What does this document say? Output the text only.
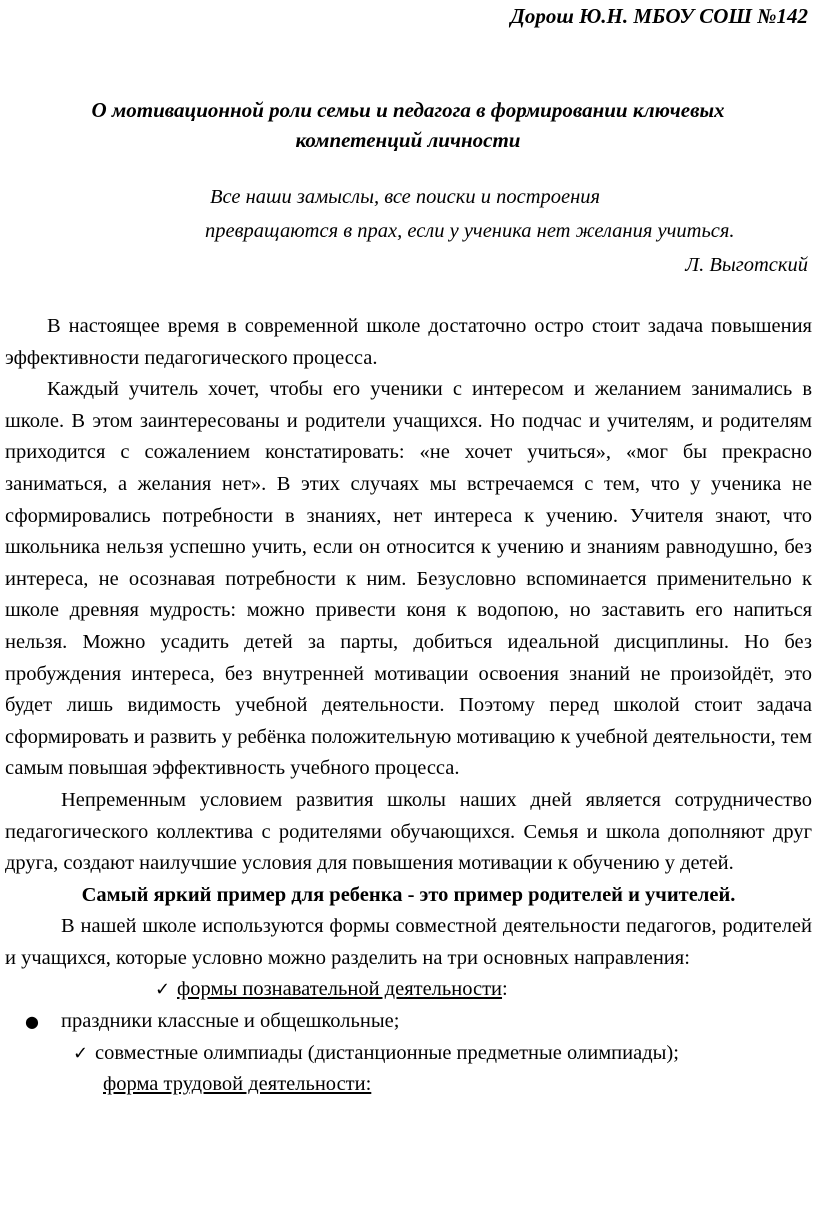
Дорош Ю.Н. МБОУ СОШ №142
О мотивационной роли семьи и педагога в формировании ключевых
компетенций личности
Все наши замыслы, все поиски и построения
превращаются в прах, если у ученика нет желания учиться.
Л. Выготский

В настоящее время в современной школе достаточно остро стоит задача повышения эффективности педагогического процесса.

Каждый учитель хочет, чтобы его ученики с интересом и желанием занимались в школе. В этом заинтересованы и родители учащихся. Но подчас и учителям, и родителям приходится с сожалением констатировать: «не хочет учиться», «мог бы прекрасно заниматься, а желания нет». В этих случаях мы встречаемся с тем, что у ученика не сформировались потребности в знаниях, нет интереса к учению. Учителя знают, что школьника нельзя успешно учить, если он относится к учению и знаниям равнодушно, без интереса, не осознавая потребности к ним. Безусловно вспоминается применительно к школе древняя мудрость: можно привести коня к водопою, но заставить его напиться нельзя. Можно усадить детей за парты, добиться идеальной дисциплины. Но без пробуждения интереса, без внутренней мотивации освоения знаний не произойдёт, это будет лишь видимость учебной деятельности. Поэтому перед школой стоит задача сформировать и развить у ребёнка положительную мотивацию к учебной деятельности, тем самым повышая эффективность учебного процесса.

Непременным условием развития школы наших дней является сотрудничество педагогического коллектива с родителями обучающихся. Семья и школа дополняют друг друга, создают наилучшие условия для повышения мотивации к обучению у детей.

Самый яркий пример для ребенка - это пример родителей и учителей.

В нашей школе используются формы совместной деятельности педагогов, родителей и учащихся, которые условно можно разделить на три основных направления:

✓ формы познавательной деятельности:
● праздники классные и общешкольные;
✓ совместные олимпиады (дистанционные предметные олимпиады);
форма трудовой деятельности:
